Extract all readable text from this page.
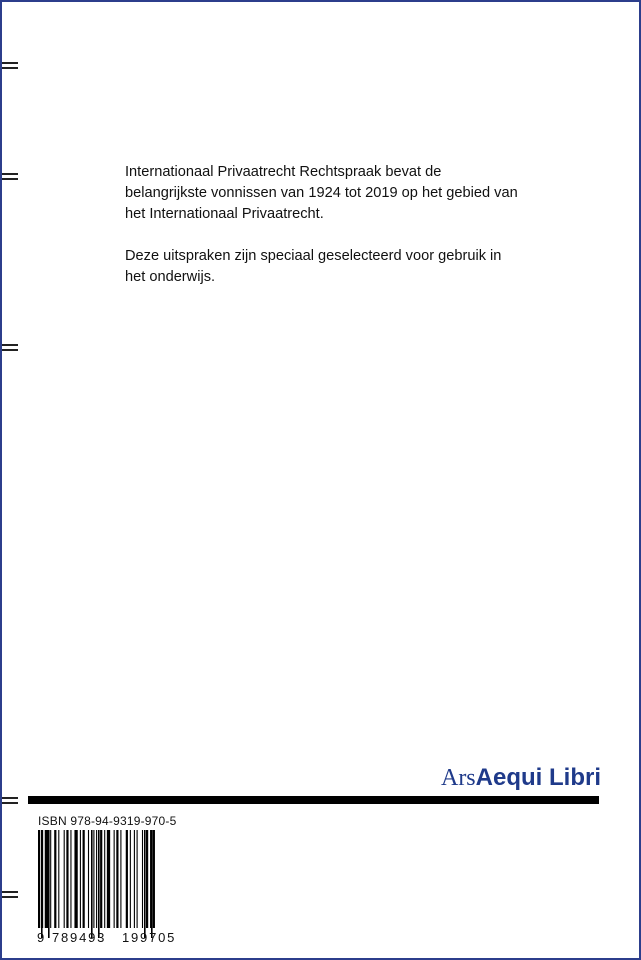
Internationaal Privaatrecht Rechtspraak bevat de belangrijkste vonnissen van 1924 tot 2019 op het gebied van het Internationaal Privaatrecht.

Deze uitspraken zijn speciaal geselecteerd voor gebruik in het onderwijs.

ArsAequi Libri
ISBN 978-94-9319-970-5
9 789493 199705
